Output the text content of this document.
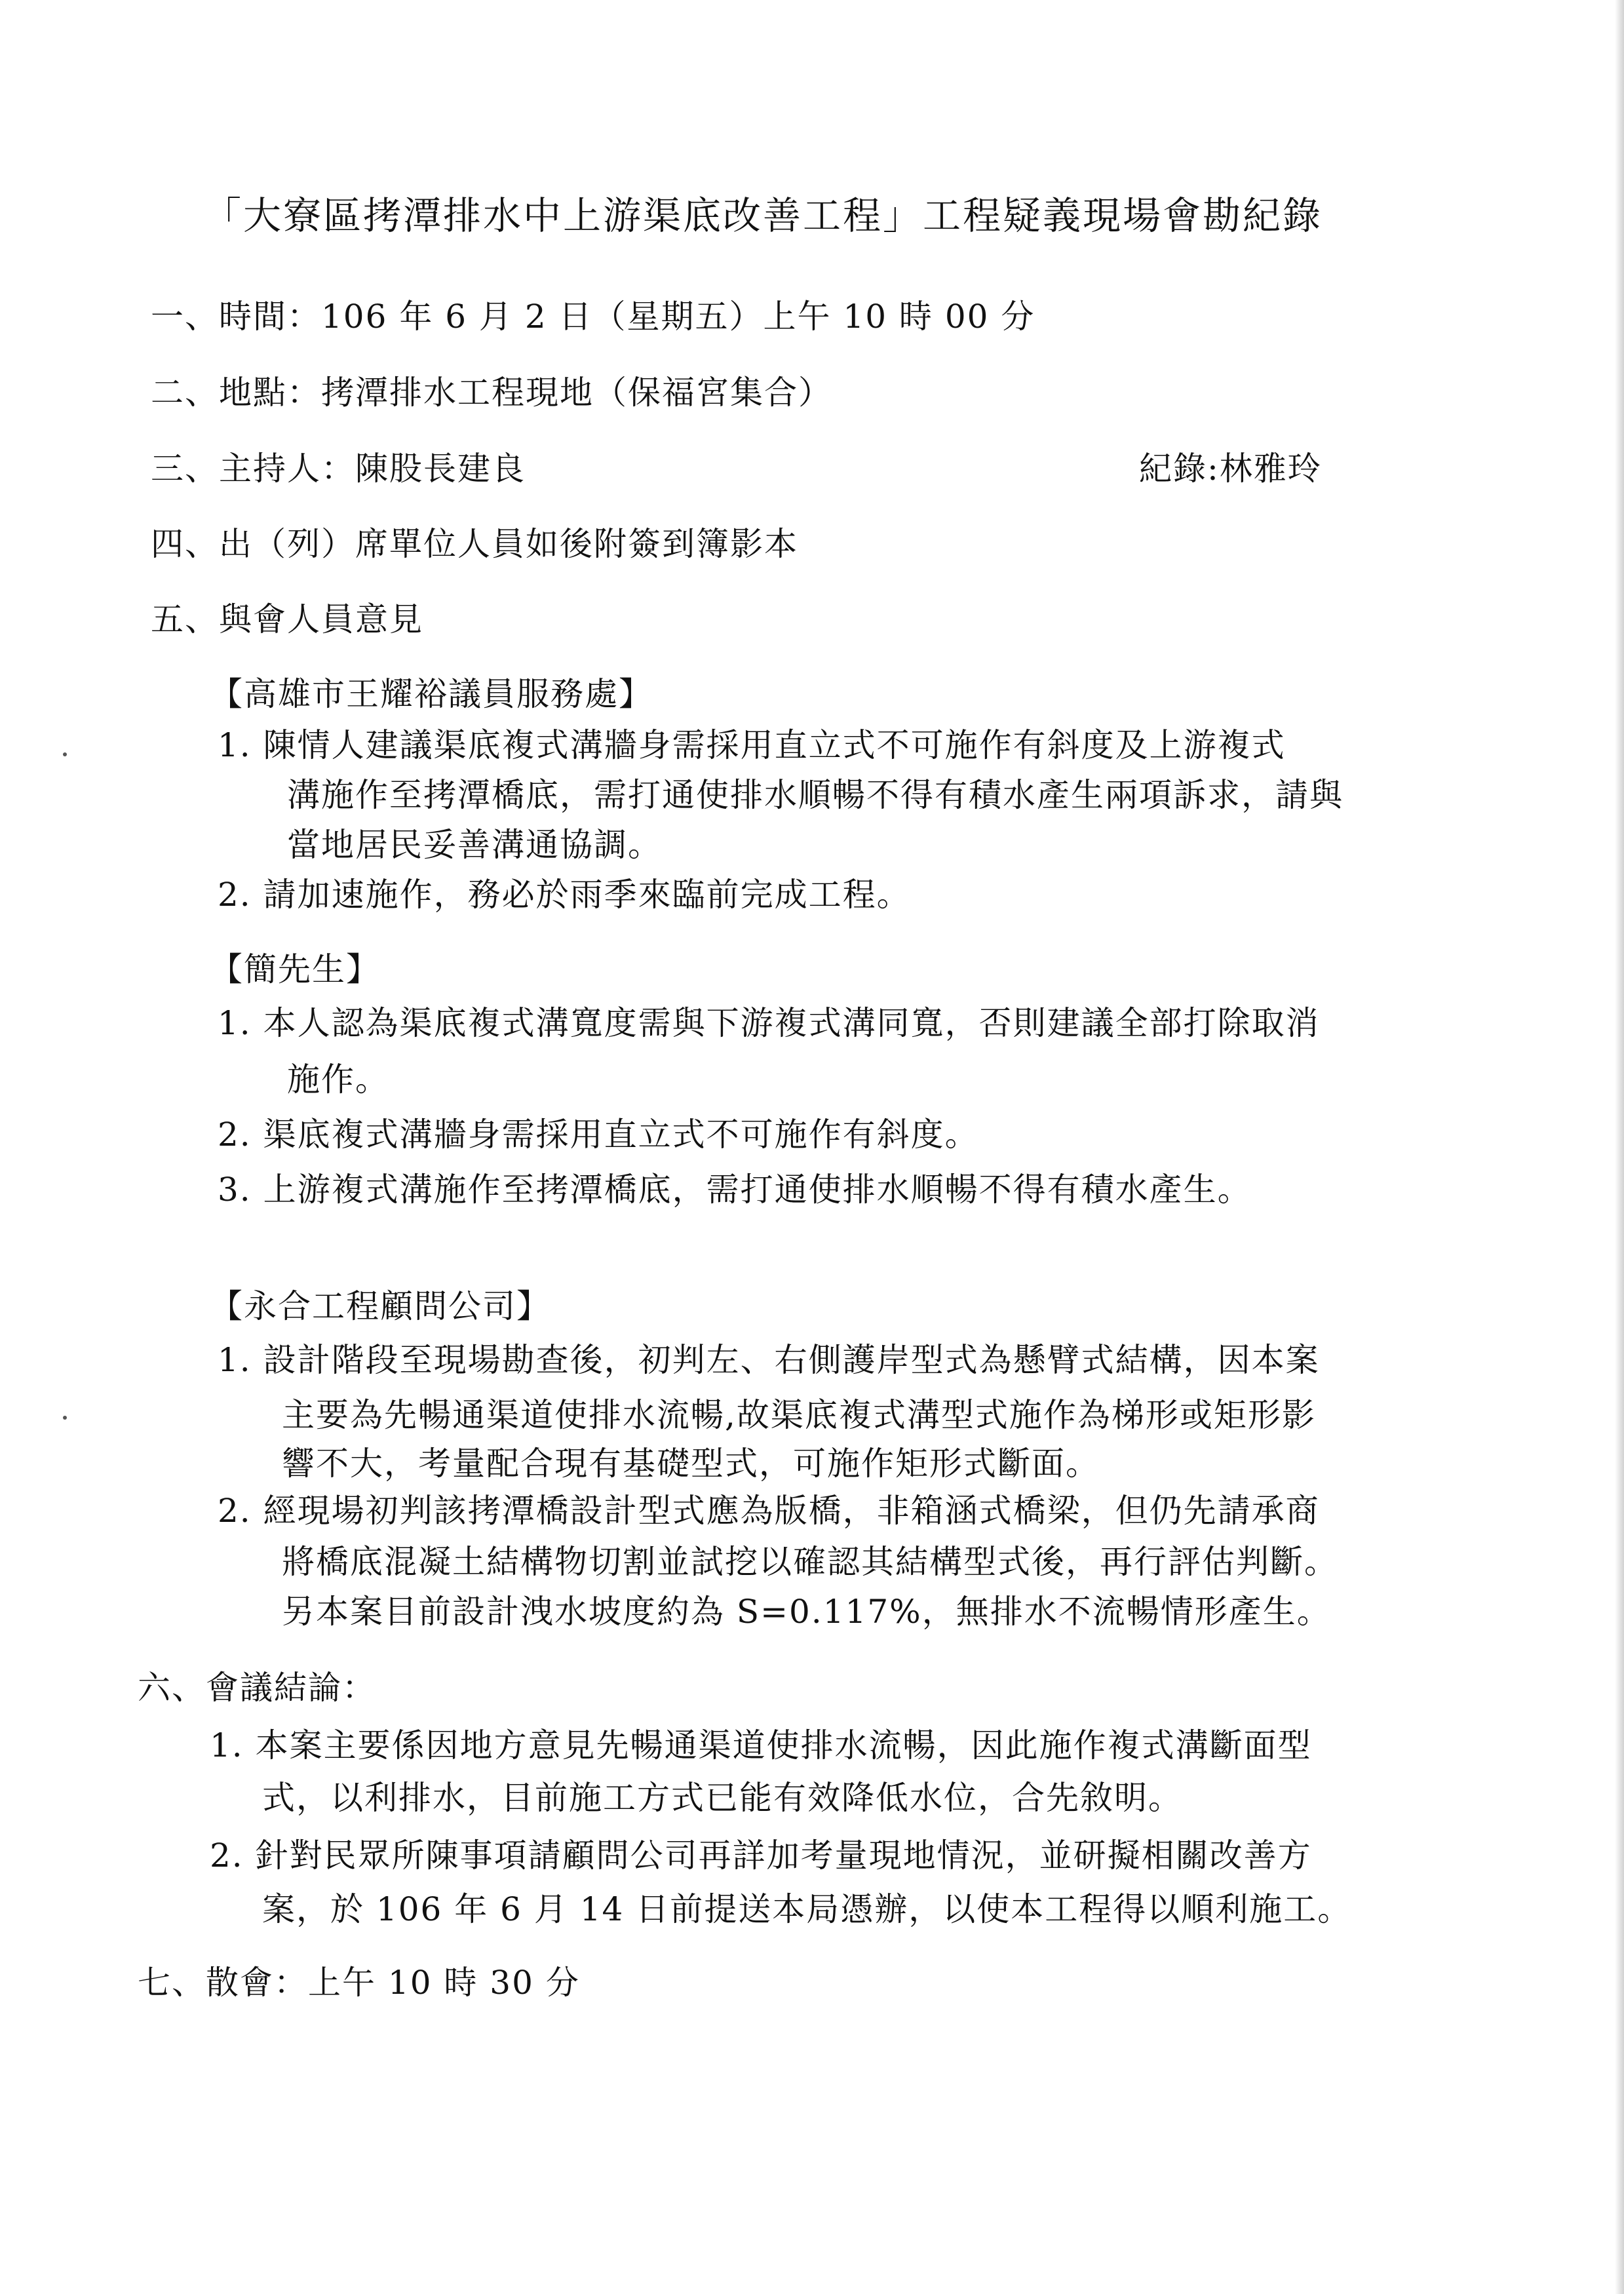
「大寮區拷潭排水中上游渠底改善工程」工程疑義現場會勘紀錄
一、時間：106 年 6 月 2 日（星期五）上午 10 時 00 分
二、地點：拷潭排水工程現地（保福宮集合）
三、主持人：陳股長建良	紀錄:林雅玲
四、出（列）席單位人員如後附簽到簿影本
五、與會人員意見
【高雄市王耀裕議員服務處】
1. 陳情人建議渠底複式溝牆身需採用直立式不可施作有斜度及上游複式
溝施作至拷潭橋底，需打通使排水順暢不得有積水產生兩項訴求，請與
當地居民妥善溝通協調。
2. 請加速施作，務必於雨季來臨前完成工程。
【簡先生】
1. 本人認為渠底複式溝寬度需與下游複式溝同寬，否則建議全部打除取消
施作。
2. 渠底複式溝牆身需採用直立式不可施作有斜度。
3. 上游複式溝施作至拷潭橋底，需打通使排水順暢不得有積水產生。
【永合工程顧問公司】
1. 設計階段至現場勘查後，初判左、右側護岸型式為懸臂式結構，因本案
主要為先暢通渠道使排水流暢,故渠底複式溝型式施作為梯形或矩形影
響不大，考量配合現有基礎型式，可施作矩形式斷面。
2. 經現場初判該拷潭橋設計型式應為版橋，非箱涵式橋梁，但仍先請承商
將橋底混凝土結構物切割並試挖以確認其結構型式後，再行評估判斷。
另本案目前設計洩水坡度約為 S=0.117%，無排水不流暢情形產生。
六、會議結論：
1. 本案主要係因地方意見先暢通渠道使排水流暢，因此施作複式溝斷面型
式，以利排水，目前施工方式已能有效降低水位，合先敘明。
2. 針對民眾所陳事項請顧問公司再詳加考量現地情況，並研擬相關改善方
案，於 106 年 6 月 14 日前提送本局憑辦，以使本工程得以順利施工。
七、散會：上午 10 時 30 分
